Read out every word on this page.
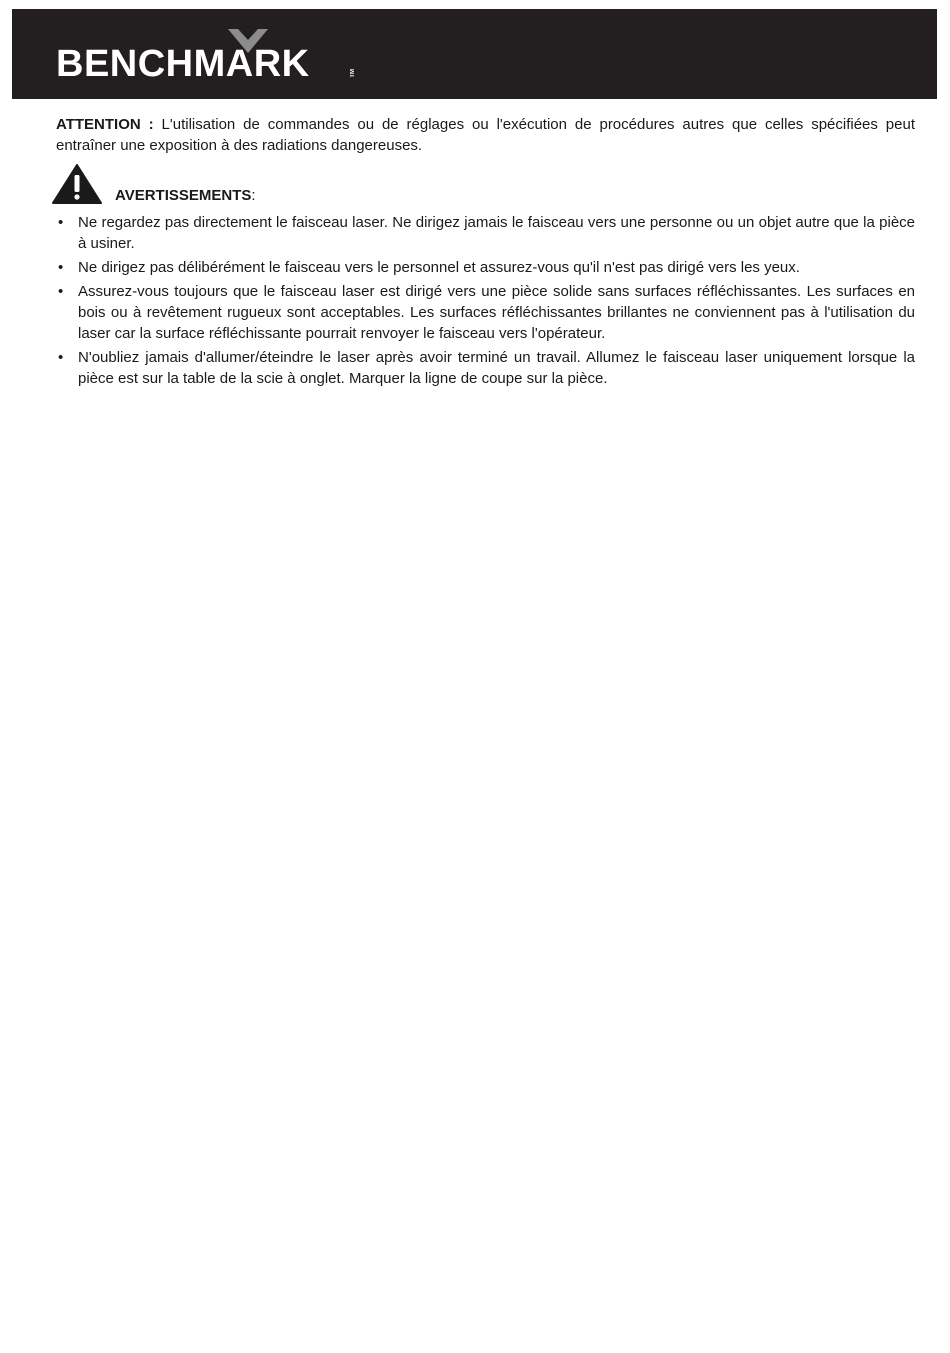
BENCHMARK	TM

ATTENTION : L'utilisation de commandes ou de réglages ou l'exécution de procédures autres que celles spécifiées peut entraîner une exposition à des radiations dangereuses.

AVERTISSEMENTS:
• Ne regardez pas directement le faisceau laser. Ne dirigez jamais le faisceau vers une personne ou un objet autre que la pièce à usiner.
• Ne dirigez pas délibérément le faisceau vers le personnel et assurez-vous qu'il n'est pas dirigé vers les yeux.
• Assurez-vous toujours que le faisceau laser est dirigé vers une pièce solide sans surfaces réfléchissantes. Les surfaces en bois ou à revêtement rugueux sont acceptables. Les surfaces réfléchissantes brillantes ne conviennent pas à l'utilisation du laser car la surface réfléchissante pourrait renvoyer le faisceau vers l'opérateur.
• N'oubliez jamais d'allumer/éteindre le laser après avoir terminé un travail. Allumez le faisceau laser uniquement lorsque la pièce est sur la table de la scie à onglet. Marquer la ligne de coupe sur la pièce.
